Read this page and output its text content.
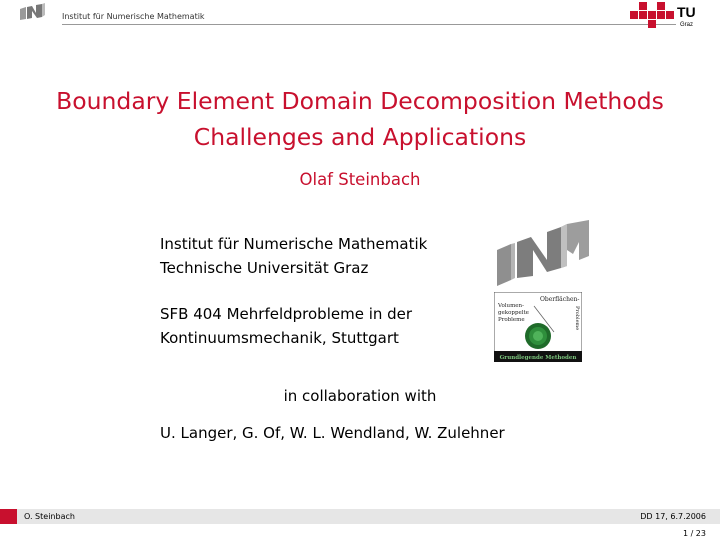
Institut für Numerische Mathematik	TU
Graz
Boundary Element Domain Decomposition Methods
Challenges and Applications
Olaf Steinbach
Institut für Numerische Mathematik
Technische Universität Graz
SFB 404 Mehrfeldprobleme in der
Kontinuumsmechanik, Stuttgart
Oberflächen-
Volumen-
gekoppelte
Probleme	Probleme
Grundlegende Methoden
in collaboration with
U. Langer, G. Of, W. L. Wendland, W. Zulehner
O. Steinbach	DD 17, 6.7.2006
1 / 23
